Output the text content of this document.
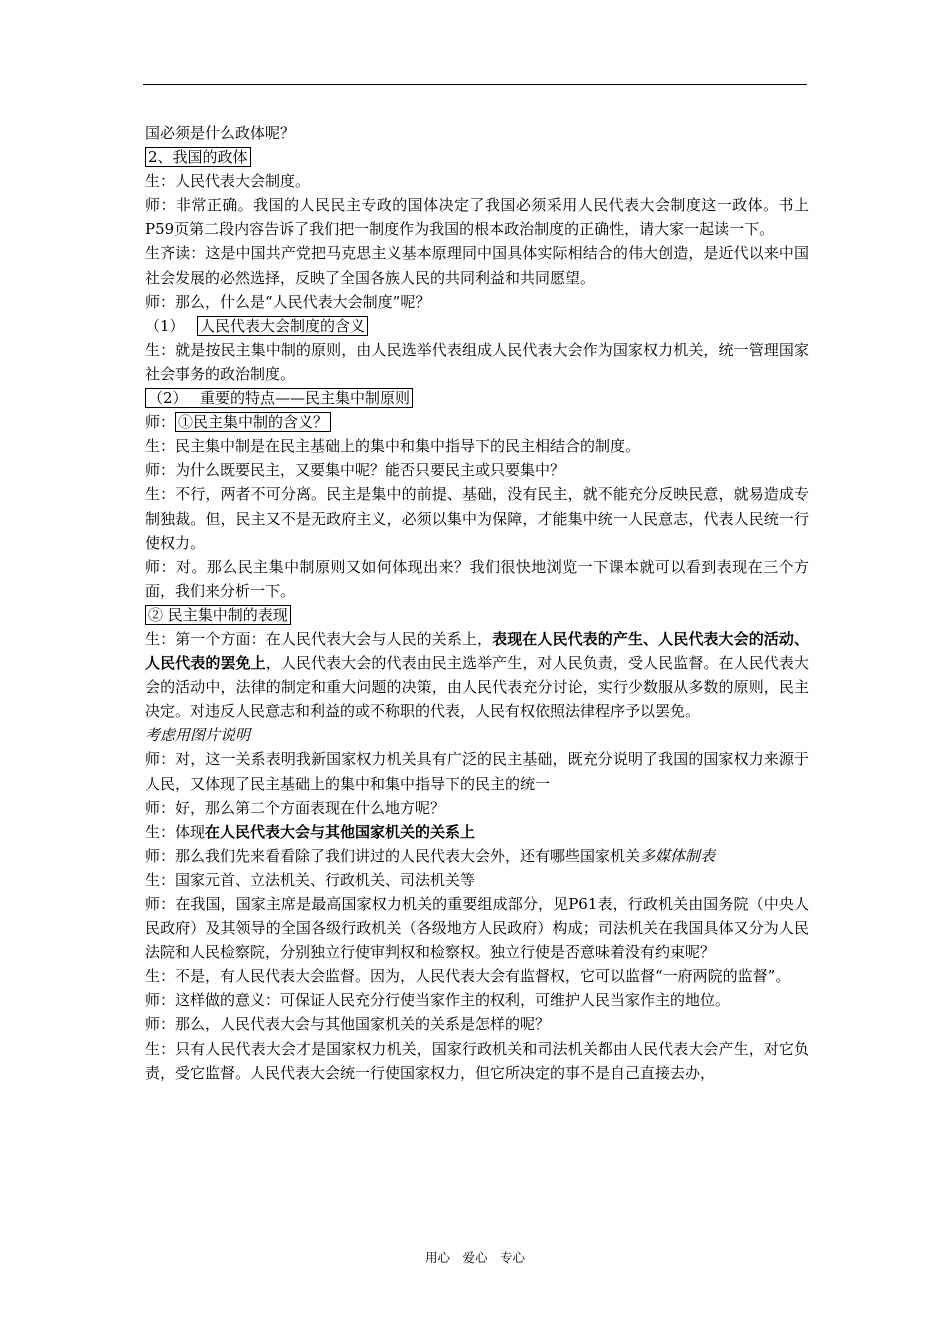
国必须是什么政体呢？

2、我国的政体

生：人民代表大会制度。

师：非常正确。我国的人民民主专政的国体决定了我国必须采用人民代表大会制度这一政体。书上P59页第二段内容告诉了我们把一制度作为我国的根本政治制度的正确性，请大家一起读一下。

生齐读：这是中国共产党把马克思主义基本原理同中国具体实际相结合的伟大创造，是近代以来中国社会发展的必然选择，反映了全国各族人民的共同利益和共同愿望。

师：那么，什么是“人民代表大会制度”呢？

（1） 人民代表大会制度的含义

生：就是按民主集中制的原则，由人民选举代表组成人民代表大会作为国家权力机关，统一管理国家社会事务的政治制度。

（2） 重要的特点——民主集中制原则

师： ①民主集中制的含义？

生：民主集中制是在民主基础上的集中和集中指导下的民主相结合的制度。

师：为什么既要民主，又要集中呢？能否只要民主或只要集中？

生：不行，两者不可分离。民主是集中的前提、基础，没有民主，就不能充分反映民意，就易造成专制独裁。但，民主又不是无政府主义，必须以集中为保障，才能集中统一人民意志，代表人民统一行使权力。

师：对。那么民主集中制原则又如何体现出来？我们很快地浏览一下课本就可以看到表现在三个方面，我们来分析一下。

② 民主集中制的表现

生：第一个方面：在人民代表大会与人民的关系上，表现在人民代表的产生、人民代表大会的活动、人民代表的罢免上，人民代表大会的代表由民主选举产生，对人民负责，受人民监督。在人民代表大会的活动中，法律的制定和重大问题的决策，由人民代表充分讨论，实行少数服从多数的原则，民主决定。对违反人民意志和利益的或不称职的代表，人民有权依照法律程序予以罢免。

考虑用图片说明

师：对，这一关系表明我新国家权力机关具有广泛的民主基础，既充分说明了我国的国家权力来源于人民，又体现了民主基础上的集中和集中指导下的民主的统一

师：好，那么第二个方面表现在什么地方呢？

生：体现在人民代表大会与其他国家机关的关系上

师：那么我们先来看看除了我们讲过的人民代表大会外，还有哪些国家机关多媒体制表

生：国家元首、立法机关、行政机关、司法机关等

师：在我国，国家主席是最高国家权力机关的重要组成部分，见P61表，行政机关由国务院（中央人民政府）及其领导的全国各级行政机关（各级地方人民政府）构成；司法机关在我国具体又分为人民法院和人民检察院，分别独立行使审判权和检察权。独立行使是否意味着没有约束呢？

生：不是，有人民代表大会监督。因为，人民代表大会有监督权，它可以监督“一府两院的监督”。

师：这样做的意义：可保证人民充分行使当家作主的权利，可维护人民当家作主的地位。

师：那么，人民代表大会与其他国家机关的关系是怎样的呢？

生：只有人民代表大会才是国家权力机关，国家行政机关和司法机关都由人民代表大会产生，对它负责，受它监督。人民代表大会统一行使国家权力，但它所决定的事不是自己直接去办，

用心　爱心　专心
